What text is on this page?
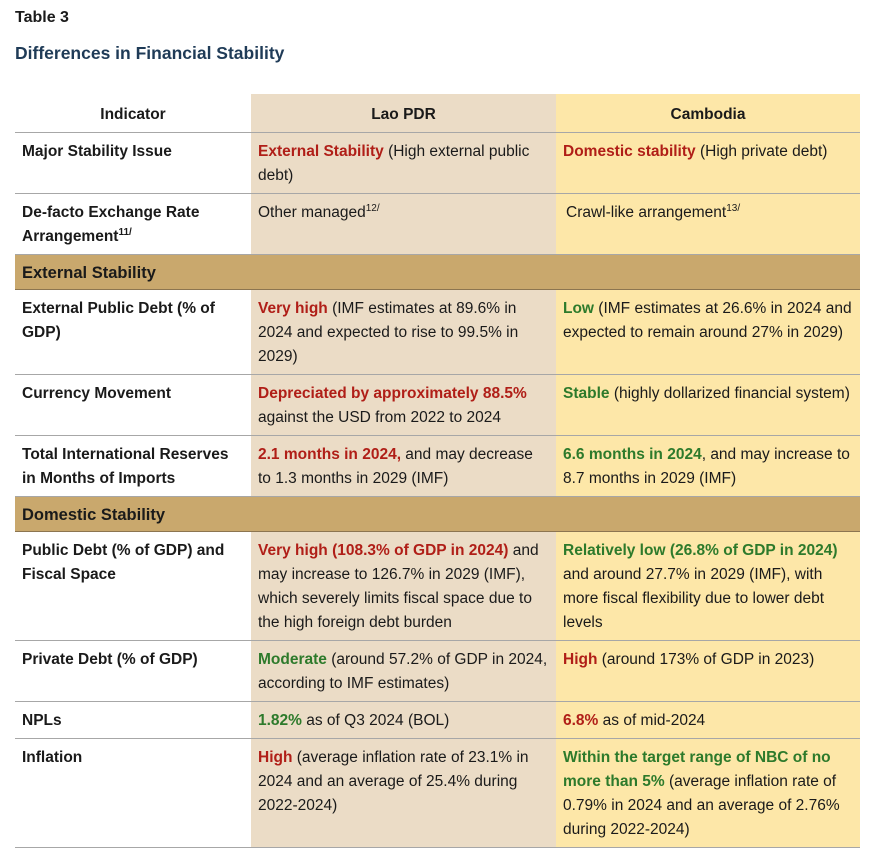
Table 3
Differences in Financial Stability
Indicator	Lao PDR	Cambodia
Major Stability Issue	External Stability (High external public debt)	Domestic stability (High private debt)
De-facto Exchange Rate Arrangement$^{11/}$	Other managed$^{12/}$	Crawl-like arrangement$^{13/}$
External Stability		
External Public Debt (% of GDP)	Very high (IMF estimates at 89.6% in 2024 and expected to rise to 99.5% in 2029)	Low (IMF estimates at 26.6% in 2024 and expected to remain around 27% in 2029)
Currency Movement	Depreciated by approximately 88.5% against the USD from 2022 to 2024	Stable (highly dollarized financial system)
Total International Reserves in Months of Imports	2.1 months in 2024, and may decrease to 1.3 months in 2029 (IMF)	6.6 months in 2024, and may increase to 8.7 months in 2029 (IMF)
Domestic Stability		
Public Debt (% of GDP) and Fiscal Space	Very high (108.3% of GDP in 2024) and may increase to 126.7% in 2029 (IMF), which severely limits fiscal space due to the high foreign debt burden	Relatively low (26.8% of GDP in 2024) and around 27.7% in 2029 (IMF), with more fiscal flexibility due to lower debt levels
Private Debt (% of GDP)	Moderate (around 57.2% of GDP in 2024, according to IMF estimates)	High (around 173% of GDP in 2023)
NPLs	1.82% as of Q3 2024 (BOL)	6.8% as of mid-2024
Inflation	High (average inflation rate of 23.1% in 2024 and an average of 25.4% during 2022-2024)	Within the target range of NBC of no more than 5% (average inflation rate of 0.79% in 2024 and an average of 2.76% during 2022-2024)
